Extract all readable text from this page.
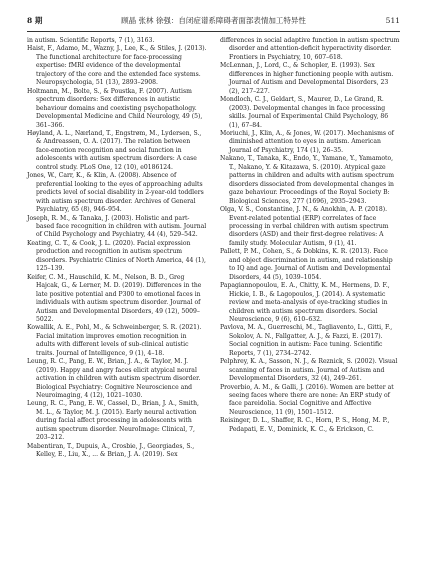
8 期	顾晶 张林 徐强：自闭症谱系障碍者面部表情加工特异性	511
in autism. Scientific Reports, 7 (1), 3163.
Haist, F., Adamo, M., Wazny, J., Lee, K., & Stiles, J. (2013). The functional architecture for face-processing expertise: fMRI evidence of the developmental trajectory of the core and the extended face systems. Neuropsychologia, 51 (13), 2893–2908.
Holtmann, M., Bolte, S., & Poustka, F. (2007). Autism spectrum disorders: Sex differences in autistic behaviour domains and coexisting psychopathology. Developmental Medicine and Child Neurology, 49 (5), 361–366.
Høyland, A. L., Nærland, T., Engstrøm, M., Lydersen, S., & Andreassen, O. A. (2017). The relation between face-emotion recognition and social function in adolescents with autism spectrum disorders: A case control study. PLoS One, 12 (10), e0186124.
Jones, W., Carr, K., & Klin, A. (2008). Absence of preferential looking to the eyes of approaching adults predicts level of social disability in 2-year-old toddlers with autism spectrum disorder. Archives of General Psychiatry, 65 (8), 946–954.
Joseph, R. M., & Tanaka, J. (2003). Holistic and part-based face recognition in children with autism. Journal of Child Psychology and Psychiatry, 44 (4), 529–542.
Keating, C. T., & Cook, J. L. (2020). Facial expression production and recognition in autism spectrum disorders. Psychiatric Clinics of North America, 44 (1), 125–139.
Keifer, C. M., Hauschild, K. M., Nelson, B. D., Greg Hajcak, G., & Lerner, M. D. (2019). Differences in the late positive potential and P300 to emotional faces in individuals with autism spectrum disorder. Journal of Autism and Developmental Disorders, 49 (12), 5009–5022.
Kowallik, A. E., Pohl, M., & Schweinberger, S. R. (2021). Facial imitation improves emotion recognition in adults with different levels of sub-clinical autistic traits. Journal of Intelligence, 9 (1), 4–18.
Leung, R. C., Pang, E. W., Brian, J. A., & Taylor, M. J. (2019). Happy and angry faces elicit atypical neural activation in children with autism spectrum disorder. Biological Psychiatry: Cognitive Neuroscience and Neuroimaging, 4 (12), 1021–1030.
Leung, R. C., Pang, E. W., Cassel, D., Brian, J. A., Smith, M. L., & Taylor, M. J. (2015). Early neural activation during facial affect processing in adolescents with autism spectrum disorder. NeuroImage: Clinical, 7, 203–212.
Mabentiran, T., Dupuis, A., Crosbie, J., Georgiades, S., Kelley, E., Liu, X., ... & Brian, J. A. (2019). Sex
differences in social adaptive function in autism spectrum disorder and attention-deficit hyperactivity disorder. Frontiers in Psychiatry, 10, 607–618.
McLennan, J., Lord, C., & Schopler, E. (1993). Sex differences in higher functioning people with autism. Journal of Autism and Developmental Disorders, 23 (2), 217–227.
Mondloch, C. J., Geldart, S., Maurer, D., Le Grand, R. (2003). Developmental changes in face processing skills. Journal of Experimental Child Psychology, 86 (1), 67–84.
Moriuchi, J., Klin, A., & Jones, W. (2017). Mechanisms of diminished attention to eyes in autism. American Journal of Psychiatry, 174 (1), 26–35.
Nakano, T., Tanaka, K., Endo, Y., Yamane, Y., Yamamoto, T., Nakano, Y. & Kitazawa, S. (2010). Atypical gaze patterns in children and adults with autism spectrum disorders dissociated from developmental changes in gaze behaviour. Proceedings of the Royal Society B: Biological Sciences, 277 (1696), 2935–2943.
Olga, V. S., Constantine, J. N., & Anokhin, A. P. (2018). Event-related potential (ERP) correlates of face processing in verbal children with autism spectrum disorders (ASD) and their first-degree relatives: A family study. Molecular Autism, 9 (1), 41.
Pallett, P. M., Cohen, S., & Dobkins, K. R. (2013). Face and object discrimination in autism, and relationship to IQ and age. Journal of Autism and Developmental Disorders, 44 (5), 1039–1054.
Papagiannopoulou, E. A., Chitty, K. M., Hermens, D. F., Hickie, I. B., & Lagopoulos, J. (2014). A systematic review and meta-analysis of eye-tracking studies in children with autism spectrum disorders. Social Neuroscience, 9 (6), 610–632.
Pavlova, M. A., Guerreschi, M., Tagliavento, L., Gitti, F., Sokolov, A. N., Fallgatter, A. J., & Fazzi, E. (2017). Social cognition in autism: Face tuning. Scientific Reports, 7 (1), 2734–2742.
Pelphrey, K. A., Sasson, N. J., & Reznick, S. (2002). Visual scanning of faces in autism. Journal of Autism and Developmental Disorders, 32 (4), 249–261.
Proverbio, A. M., & Galli, J. (2016). Women are better at seeing faces where there are none: An ERP study of face pareidolia. Social Cognitive and Affective Neuroscience, 11 (9), 1501–1512.
Reisinger, D. L., Shaffer, R. C., Horn, P. S., Hong, M. P., Pedapati, E. V., Dominick, K. C., & Erickson, C.
